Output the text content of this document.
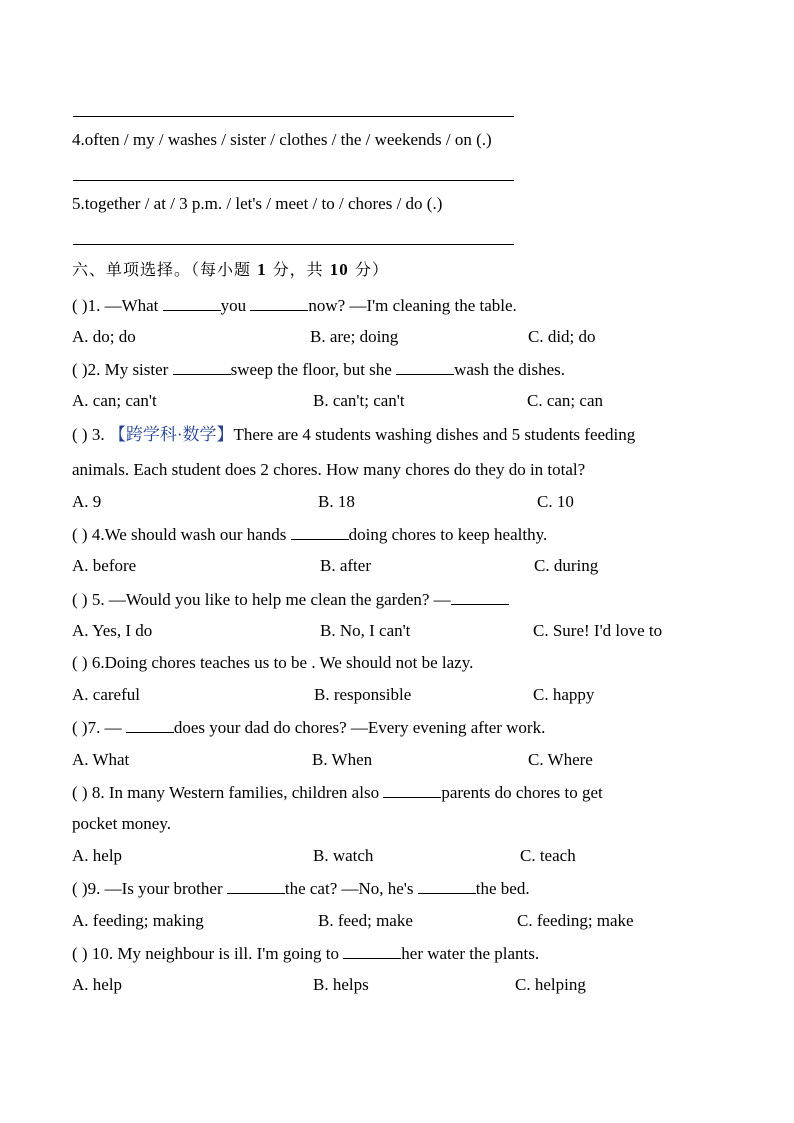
4.often / my / washes / sister / clothes / the / weekends / on (.)
5.together / at / 3 p.m. / let's / meet / to / chores / do (.)
六、单项选择。（每小题 1 分，共 10 分）
( )1. —What	you	now? —I'm cleaning the table.
A. do; do	B. are; doing	C. did; do
( )2. My sister	sweep the floor, but she	wash the dishes.
A. can; can't	B. can't; can't	C. can; can
( ) 3. 【跨学科·数学】There are 4 students washing dishes and 5 students feeding
animals. Each student does 2 chores. How many chores do they do in total?
A. 9	B. 18	C. 10
( ) 4.We should wash our hands	doing chores to keep healthy.
A. before	B. after	C. during
( ) 5. —Would you like to help me clean the garden? —
A. Yes, I do	B. No, I can't	C. Sure! I'd love to
( ) 6.Doing chores teaches us to be . We should not be lazy.
A. careful	B. responsible	C. happy
( )7. —	does your dad do chores? —Every evening after work.
A. What	B. When	C. Where
( ) 8. In many Western families, children also	parents do chores to get
pocket money.
A. help	B. watch	C. teach
( )9. —Is your brother	the cat? —No, he's	the bed.
A. feeding; making	B. feed; make	C. feeding; make
( ) 10. My neighbour is ill. I'm going to	her water the plants.
A. help	B. helps	C. helping
